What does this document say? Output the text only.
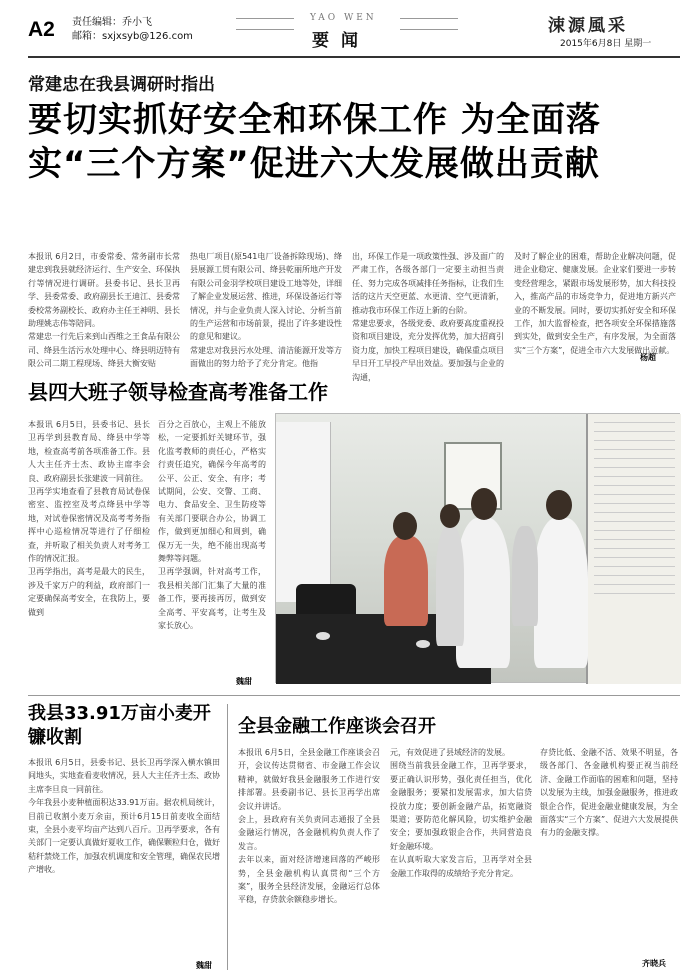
A2 责任编辑：乔小飞
邮箱：sxjxsyb@126.com
YAO WEN
要闻
涑源風采
2015年6月8日 星期一
常建忠在我县调研时指出
要切实抓好安全和环保工作 为全面落实“三个方案”促进六大发展做出贡献
本报讯 6月2日，市委常委、常务副市长常建忠到我县就经济运行、生产安全、环保执行等情况进行调研。县委书记、县长卫再学、县委常委、政府副县长王迪江、县委常委校常务副校长、政府办主任王神明、县长助理姚志伟等陪同。
常建忠一行先后来到山西维之王食品有限公司、绛县生活污水处理中心、绛县明迈特有限公司二期工程现场、绛县大衡安贴
热电厂项目(原541电厂设备拆除现场)、绛县展源工贸有限公司、绛县乾丽所地产开发有限公司金羽学校项目建设工地等处，详细了解企业发展运营、推进，环保设备运行等情况，并与企业负责人深入讨论、分析当前的生产运营和市场前景，提出了许多建设性的意见和建议。
常建忠对我县污水处理、清洁能源开发等方面做出的努力给予了充分肯定。他指
出，环保工作是一项政策性强、涉及面广的严肃工作，各级各部门一定要主动担当责任、努力完成各项减排任务指标，让我们生活的这片天空更蓝、水更清、空气更清新，推动我市环保工作迈上新的台阶。
常建忠要求，各级党委、政府要高度重视投资和项目建设，充分发挥优势，加大招商引资力度，加快工程项目建设，确保重点项目早日开工早投产早出效益。要加强与企业的沟通，
及时了解企业的困难，帮助企业解决问题，促进企业稳定、健康发展。企业家们要进一步转变经营理念，紧跟市场发展形势，加大科技投入，推高产品的市场竞争力，促进地方新兴产业的不断发展。同时，要切实抓好安全和环保工作，加大监督检查，把各项安全环保措施落到实处，做到安全生产，有序发展，为全面落实“三个方案”，促进全市六大发展做出贡献。
杨超
县四大班子领导检查高考准备工作
本报讯 6月5日，县委书记、县长卫再学到县教育局、绛县中学等地，检查高考前各项准备工作。县人大主任齐士杰、政协主席李会良、政府副县长张建波一同前往。
卫再学实地查看了县教育局试卷保密室、监控室及考点绛县中学等地，对试卷保密情况及高考考务指挥中心巡检情况等进行了仔细检查，并听取了相关负责人对考务工作的情况汇报。
卫再学指出，高考是最大的民生，涉及千家万户的利益，政府部门一定要确保高考安全，在我防上，要做到
百分之百放心，主观上不能放松，一定要抓好关键环节，强化监考教师的责任心，严格实行责任追究，确保今年高考的公平、公正、安全、有序；考试期间，公安、交警、工商、电力、食品安全、卫生防疫等有关部门要联合办公，协调工作，做到更加细心和周到，确保万无一失，绝不能出现高考舞弊等问题。
卫再学强调，针对高考工作，我县相关部门汇集了大量的准备工作，要再接再厉，做到安全高考、平安高考，让考生及家长放心。
魏甜
我县33.91万亩小麦开镰收割
本报讯 6月5日，县委书记、县长卫再学深入横水镇田间地头，实地查看麦收情况，县人大主任齐士杰、政协主席李旦良一同前往。
今年我县小麦种植面积达33.91万亩。据农机局统计，目前已收割小麦万余亩，预计6月15日前麦收全面结束，全县小麦平均亩产达到八百斤。卫再学要求，各有关部门一定要认真做好夏收工作，确保颗粒归仓，做好秸秆禁烧工作，加强农机调度和安全管理，确保农民增产增收。
魏甜
全县金融工作座谈会召开
本报讯 6月5日，全县金融工作座谈会召开，会议传达贯彻省、市金融工作会议精神，就做好我县金融服务工作进行安排部署。县委副书记、县长卫再学出席会议并讲话。
会上，县政府有关负责同志通报了全县金融运行情况，各金融机构负责人作了发言。
去年以来，面对经济增速回落的严峻形势，全县金融机构认真贯彻“三个方案”，服务全县经济发展，金融运行总体平稳，存贷款余额稳步增长。
元，有效促进了县域经济的发展。
围绕当前我县金融工作，卫再学要求，要正确认识形势，强化责任担当，优化金融服务；要紧扣发展需求，加大信贷投放力度；要创新金融产品，拓宽融资渠道；要防范化解风险，切实维护金融安全；要加强政银企合作，共同营造良好金融环境。
在认真听取大家发言后，卫再学对全县金融工作取得的成绩给予充分肯定。
存贷比低、金融不活、效果不明显，各级各部门、各金融机构要正视当前经济、金融工作面临的困难和问题，坚持以发展为主线，加强金融服务，推进政银企合作，促进金融业健康发展，为全面落实“三个方案”、促进六大发展提供有力的金融支撑。
齐晓兵
